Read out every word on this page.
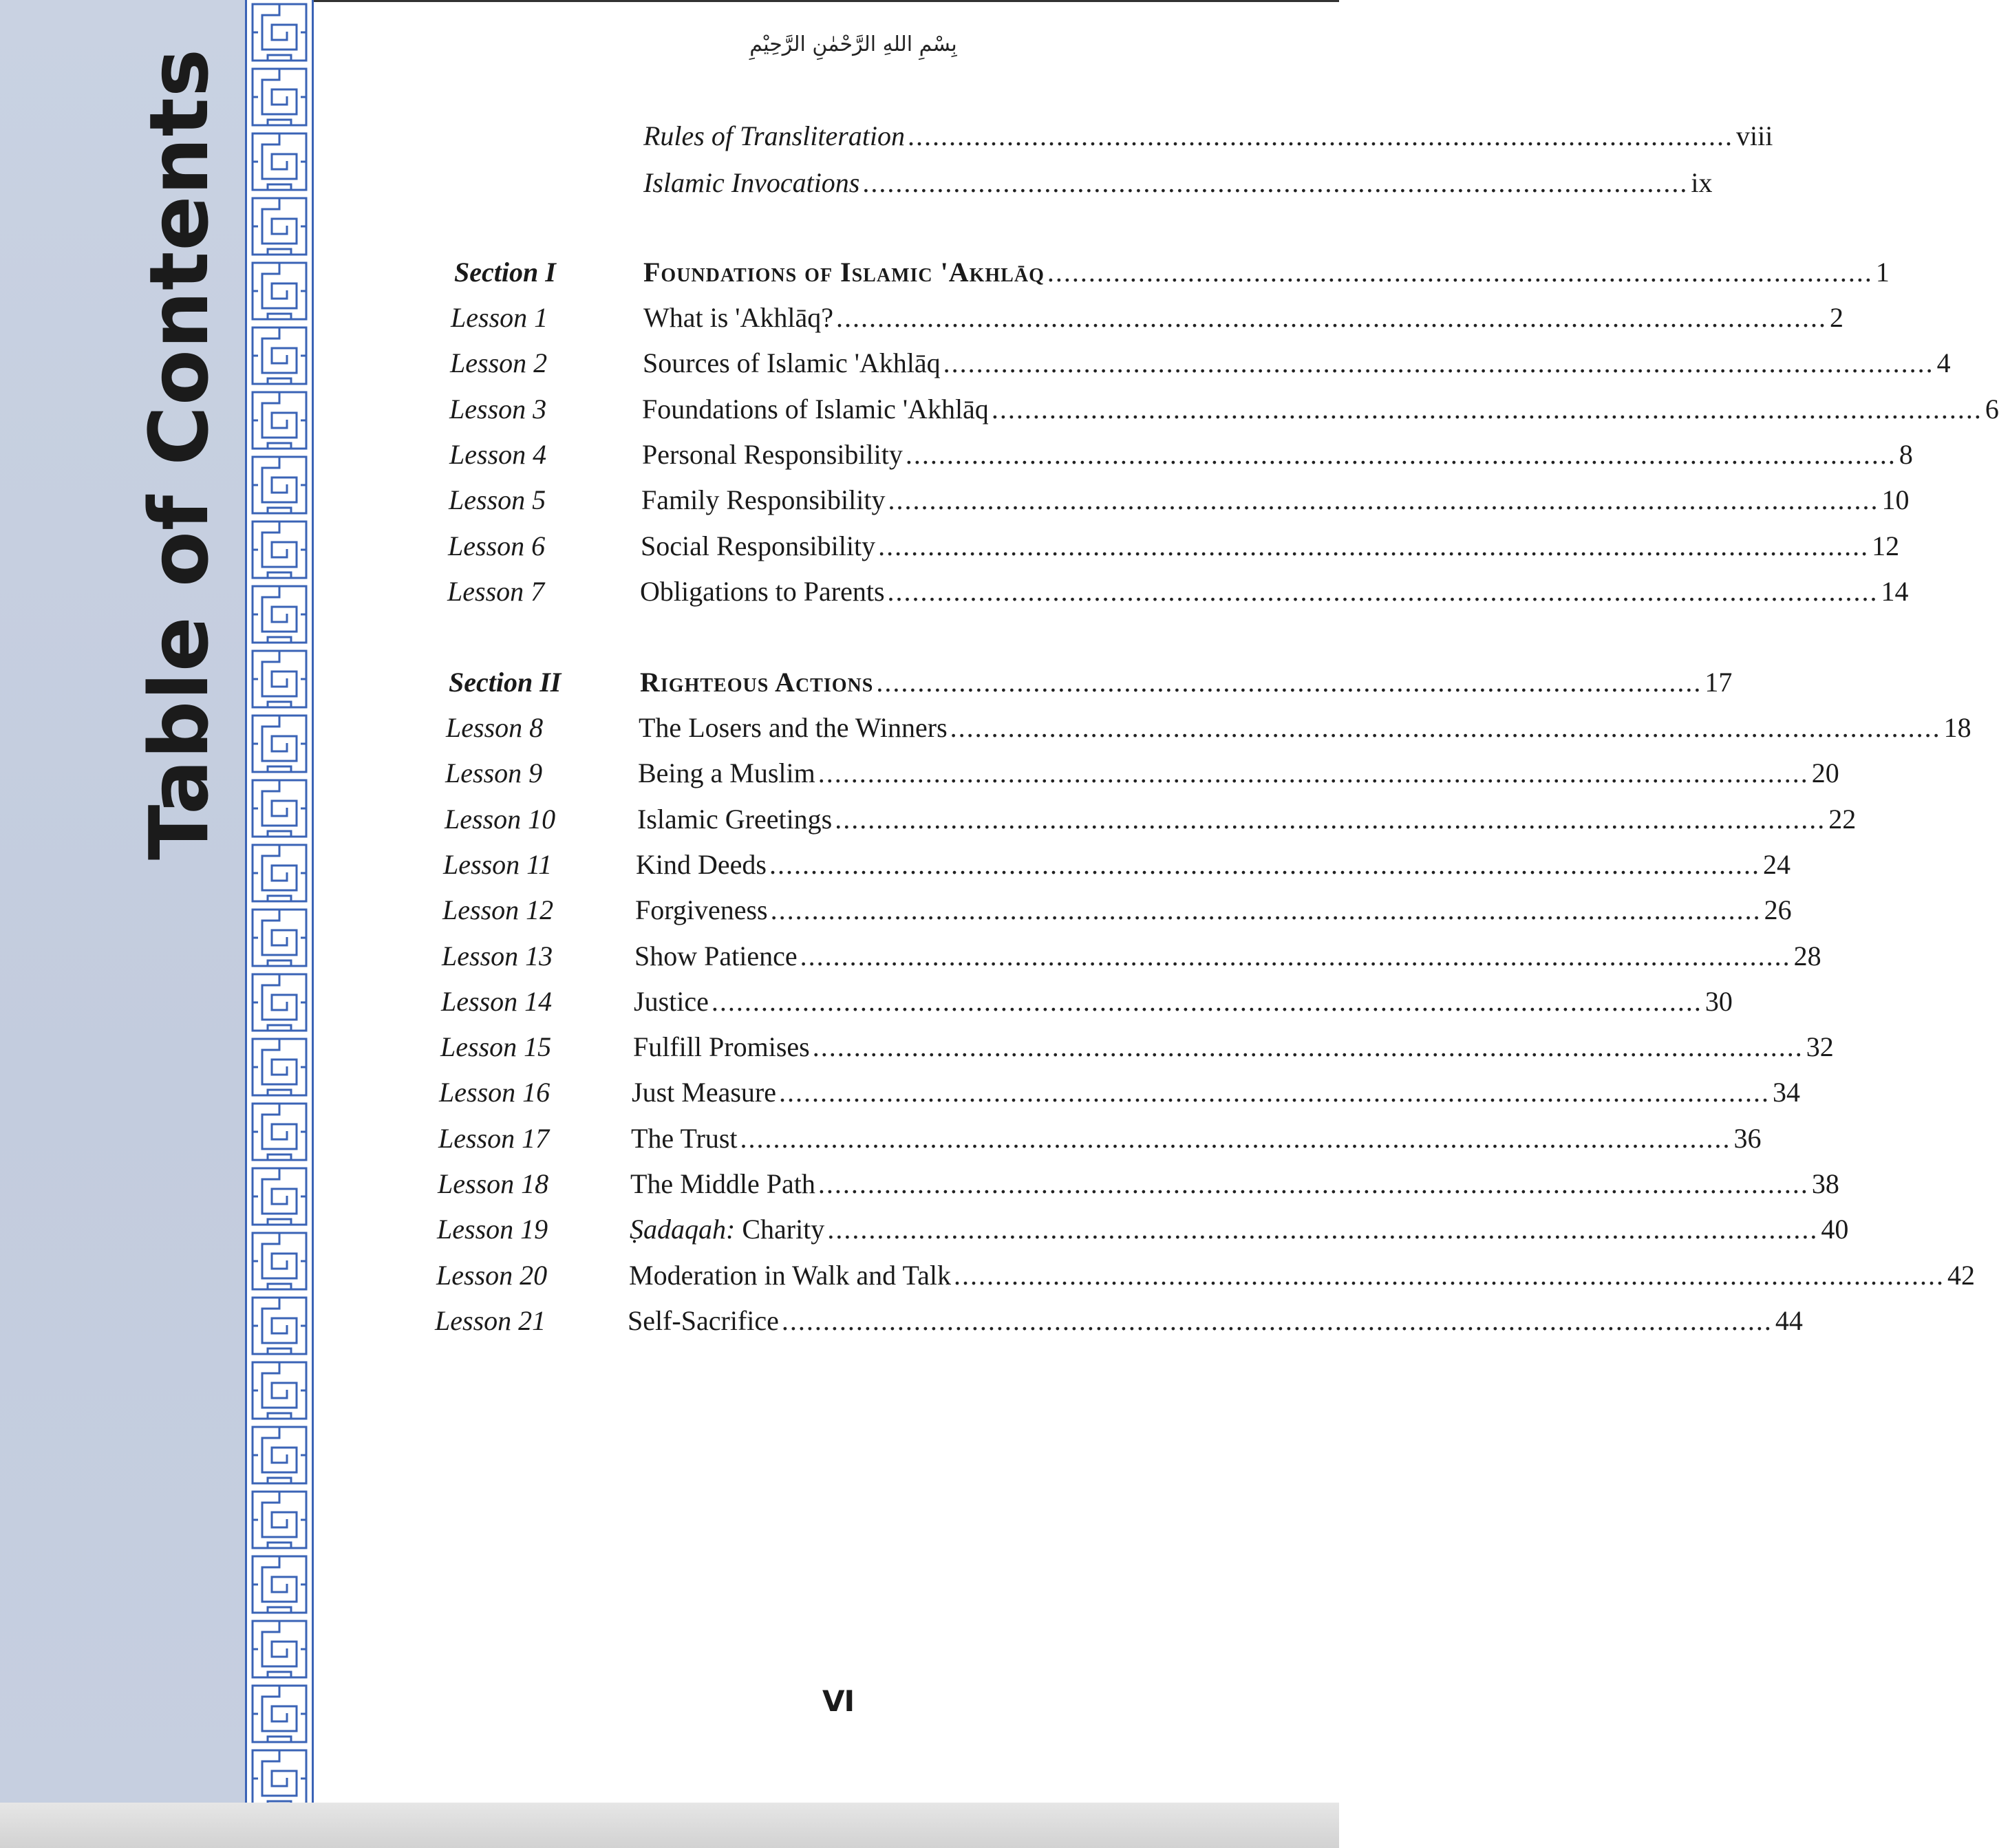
Table of Contents
بِسْمِ اللهِ الرَّحْمٰنِ الرَّحِيْمِ
Rules of Transliteration .................................................................................................... viii
Islamic Invocations .................................................................................................... ix
Section I	Foundations of Islamic 'Akhlāq .................................................................................................... 1
Lesson 1	What is 'Akhlāq? ........................................................................................................................ 2
Lesson 2	Sources of Islamic 'Akhlāq ........................................................................................................................ 4
Lesson 3	Foundations of Islamic 'Akhlāq ........................................................................................................................ 6
Lesson 4	Personal Responsibility ........................................................................................................................ 8
Lesson 5	Family Responsibility ........................................................................................................................ 10
Lesson 6	Social Responsibility ........................................................................................................................ 12
Lesson 7	Obligations to Parents ........................................................................................................................ 14
Section II	Righteous Actions .................................................................................................... 17
Lesson 8	The Losers and the Winners ........................................................................................................................ 18
Lesson 9	Being a Muslim ........................................................................................................................ 20
Lesson 10	Islamic Greetings ........................................................................................................................ 22
Lesson 11	Kind Deeds ........................................................................................................................ 24
Lesson 12	Forgiveness ........................................................................................................................ 26
Lesson 13	Show Patience ........................................................................................................................ 28
Lesson 14	Justice ........................................................................................................................ 30
Lesson 15	Fulfill Promises ........................................................................................................................ 32
Lesson 16	Just Measure ........................................................................................................................ 34
Lesson 17	The Trust ........................................................................................................................ 36
Lesson 18	The Middle Path ........................................................................................................................ 38
Lesson 19	Ṣadaqah: Charity ........................................................................................................................ 40
Lesson 20	Moderation in Walk and Talk ........................................................................................................................ 42
Lesson 21	Self-Sacrifice ........................................................................................................................ 44
VI
